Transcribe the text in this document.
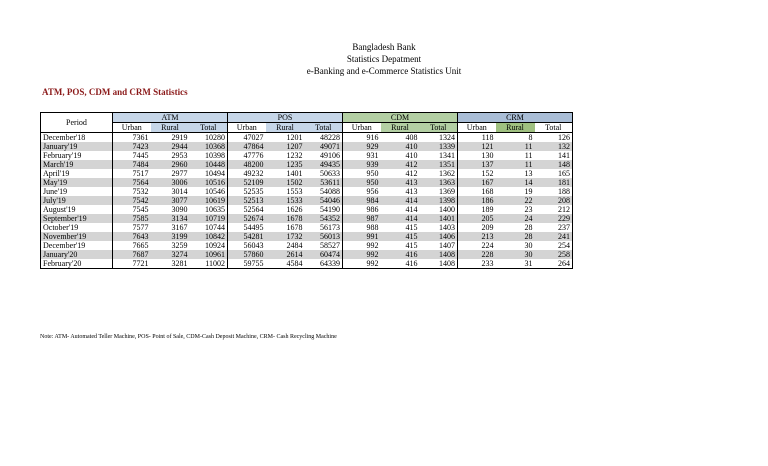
Bangladesh Bank
Statistics Depatment
e-Banking and e-Commerce Statistics Unit
ATM, POS, CDM and CRM Statistics
Period	ATM			POS			CDM			CRM		
	Urban	Rural	Total	Urban	Rural	Total	Urban	Rural	Total	Urban	Rural	Total
December'18	7361	2919	10280	47027	1201	48228	916	408	1324	118	8	126
January'19	7423	2944	10368	47864	1207	49071	929	410	1339	121	11	132
February'19	7445	2953	10398	47776	1232	49106	931	410	1341	130	11	141
March'19	7484	2960	10448	48200	1235	49435	939	412	1351	137	11	148
April'19	7517	2977	10494	49232	1401	50633	950	412	1362	152	13	165
May'19	7564	3006	10516	52109	1502	53611	950	413	1363	167	14	181
June'19	7532	3014	10546	52535	1553	54088	956	413	1369	168	19	188
July'19	7542	3077	10619	52513	1533	54046	984	414	1398	186	22	208
August'19	7545	3090	10635	52564	1626	54190	986	414	1400	189	23	212
September'19	7585	3134	10719	52674	1678	54352	987	414	1401	205	24	229
October'19	7577	3167	10744	54495	1678	56173	988	415	1403	209	28	237
November'19	7643	3199	10842	54281	1732	56013	991	415	1406	213	28	241
December'19	7665	3259	10924	56043	2484	58527	992	415	1407	224	30	254
January'20	7687	3274	10961	57860	2614	60474	992	416	1408	228	30	258
February'20	7721	3281	11002	59755	4584	64339	992	416	1408	233	31	264
Note: ATM- Automated Teller Machine, POS- Point of Sale, CDM-Cash Deposit Machine, CRM- Cash Recycling Machine
